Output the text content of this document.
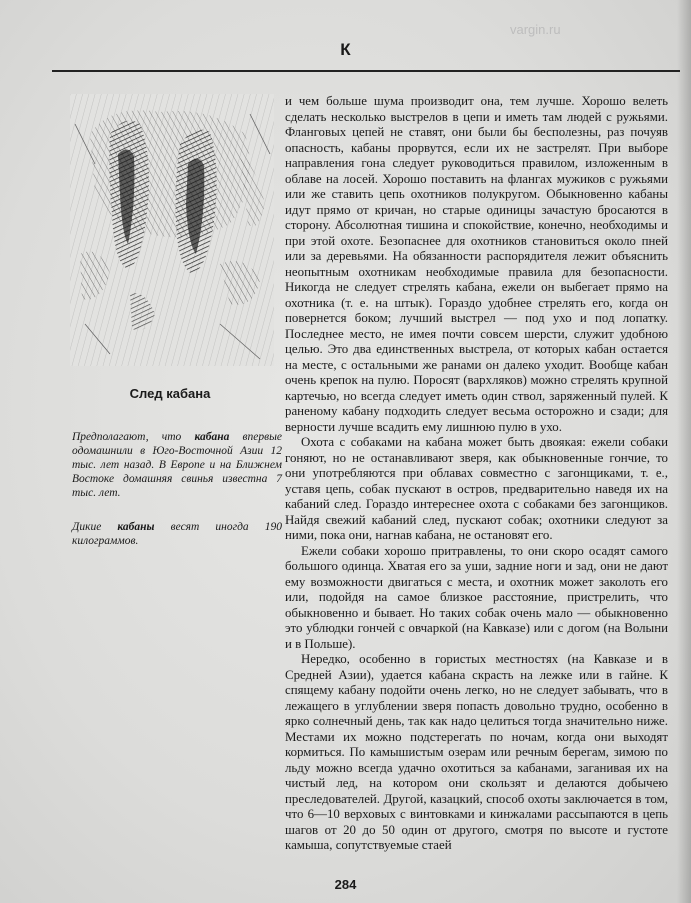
vargin.ru
К
След кабана
Предполагают, что кабана впервые одомашнили в Юго-Восточной Азии 12 тыс. лет назад. В Европе и на Ближнем Востоке домашняя свинья известна 7 тыс. лет.
Дикие кабаны весят иногда 190 килограммов.

и чем больше шума производит она, тем лучше. Хорошо велеть сделать несколько выстрелов в цепи и иметь там людей с ружьями. Фланговых цепей не ставят, они были бы бесполезны, раз почуяв опасность, кабаны прорвутся, если их не застрелят. При выборе направления гона следует руководиться правилом, изложенным в облаве на лосей. Хорошо поставить на флангах мужиков с ружьями или же ставить цепь охотников полукругом. Обыкновенно кабаны идут прямо от кричан, но старые одиницы зачастую бросаются в сторону. Абсолютная тишина и спокойствие, конечно, необходимы и при этой охоте. Безопаснее для охотников становиться около пней или за деревьями. На обязанности распорядителя лежит объяснить неопытным охотникам необходимые правила для безопасности. Никогда не следует стрелять кабана, ежели он выбегает прямо на охотника (т. е. на штык). Гораздо удобнее стрелять его, когда он повернется боком; лучший выстрел — под ухо и под лопатку. Последнее место, не имея почти совсем шерсти, служит удобною целью. Это два единственных выстрела, от которых кабан остается на месте, с остальными же ранами он далеко уходит. Вообще кабан очень крепок на пулю. Поросят (вархляков) можно стрелять крупной картечью, но всегда следует иметь один ствол, заряженный пулей. К раненому кабану подходить следует весьма осторожно и сзади; для верности лучше всадить ему лишнюю пулю в ухо.

Охота с собаками на кабана может быть двоякая: ежели собаки гоняют, но не останавливают зверя, как обыкновенные гончие, то они употребляются при облавах совместно с загонщиками, т. е., уставя цепь, собак пускают в остров, предварительно наведя их на кабаний след. Гораздо интереснее охота с собаками без загонщиков. Найдя свежий кабаний след, пускают собак; охотники следуют за ними, пока они, нагнав кабана, не остановят его.

Ежели собаки хорошо притравлены, то они скоро осадят самого большого одинца. Хватая его за уши, задние ноги и зад, они не дают ему возможности двигаться с места, и охотник может заколоть его или, подойдя на самое близкое расстояние, пристрелить, что обыкновенно и бывает. Но таких собак очень мало — обыкновенно это ублюдки гончей с овчаркой (на Кавказе) или с догом (на Волыни и в Польше).

Нередко, особенно в гористых местностях (на Кавказе и в Средней Азии), удается кабана скрасть на лежке или в гайне. К спящему кабану подойти очень легко, но не следует забывать, что в лежащего в углублении зверя попасть довольно трудно, особенно в ярко солнечный день, так как надо целиться тогда значительно ниже. Местами их можно подстерегать по ночам, когда они выходят кормиться. По камышистым озерам или речным берегам, зимою по льду можно всегда удачно охотиться за кабанами, заганивая их на чистый лед, на котором они скользят и делаются добычею преследователей. Другой, казацкий, способ охоты заключается в том, что 6—10 верховых с винтовками и кинжалами рассыпаются в цепь шагов от 20 до 50 один от другого, смотря по высоте и густоте камыша, сопутствуемые стаей

284
